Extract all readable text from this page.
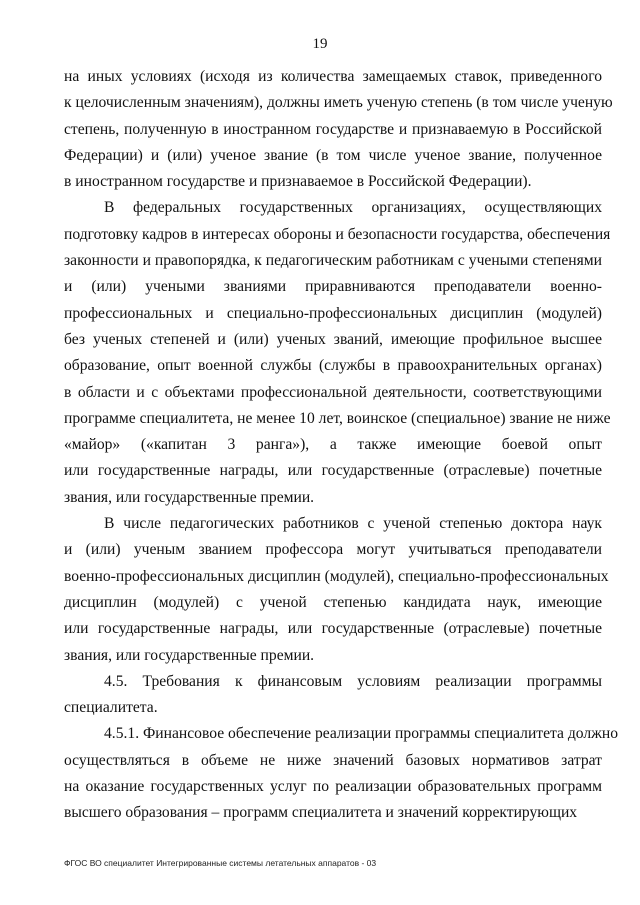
19
на иных условиях (исходя из количества замещаемых ставок, приведенного
к целочисленным значениям), должны иметь ученую степень (в том числе ученую
степень, полученную в иностранном государстве и признаваемую в Российской
Федерации) и (или) ученое звание (в том числе ученое звание, полученное
в иностранном государстве и признаваемое в Российской Федерации).
В федеральных государственных организациях, осуществляющих
подготовку кадров в интересах обороны и безопасности государства, обеспечения
законности и правопорядка, к педагогическим работникам с учеными степенями
и (или) учеными званиями приравниваются преподаватели военно-
профессиональных и специально-профессиональных дисциплин (модулей)
без ученых степеней и (или) ученых званий, имеющие профильное высшее
образование, опыт военной службы (службы в правоохранительных органах)
в области и с объектами профессиональной деятельности, соответствующими
программе специалитета, не менее 10 лет, воинское (специальное) звание не ниже
«майор» («капитан 3 ранга»), а также имеющие боевой опыт
или государственные награды, или государственные (отраслевые) почетные
звания, или государственные премии.
В числе педагогических работников с ученой степенью доктора наук
и (или) ученым званием профессора могут учитываться преподаватели
военно-профессиональных дисциплин (модулей), специально-профессиональных
дисциплин (модулей) с ученой степенью кандидата наук, имеющие
или государственные награды, или государственные (отраслевые) почетные
звания, или государственные премии.
4.5. Требования к финансовым условиям реализации программы
специалитета.
4.5.1. Финансовое обеспечение реализации программы специалитета должно
осуществляться в объеме не ниже значений базовых нормативов затрат
на оказание государственных услуг по реализации образовательных программ
высшего образования – программ специалитета и значений корректирующих
ФГОС ВО специалитет Интегрированные системы летательных аппаратов - 03
